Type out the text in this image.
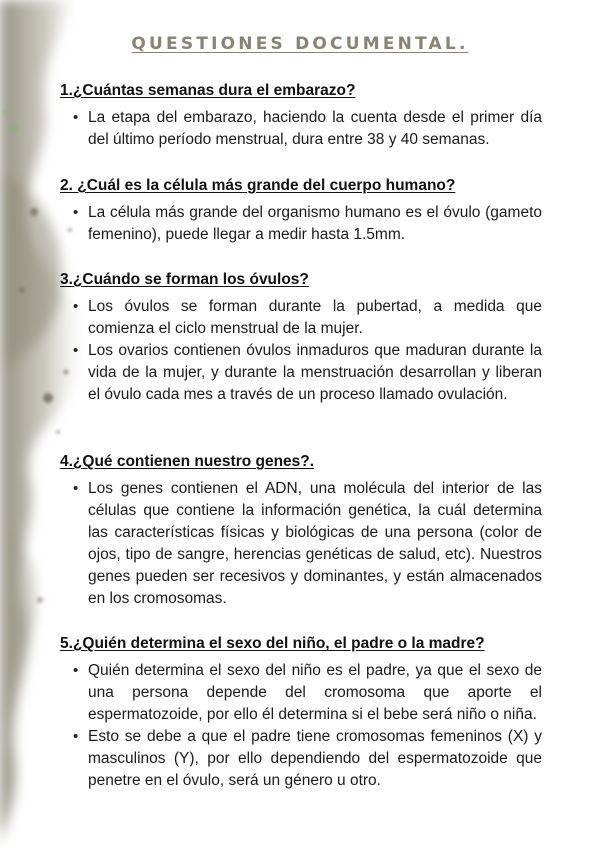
QUESTIONES DOCUMENTAL.
1.¿Cuántas semanas dura el embarazo?
• La etapa del embarazo, haciendo la cuenta desde el primer día del último período menstrual, dura entre 38 y 40 semanas.
2. ¿Cuál es la célula más grande del cuerpo humano?
• La célula más grande del organismo humano es el óvulo (gameto femenino), puede llegar a medir hasta 1.5mm.
3.¿Cuándo se forman los óvulos?
• Los óvulos se forman durante la pubertad, a medida que comienza el ciclo menstrual de la mujer.
• Los ovarios contienen óvulos inmaduros que maduran durante la vida de la mujer, y durante la menstruación desarrollan y liberan el óvulo cada mes a través de un proceso llamado ovulación.
4.¿Qué contienen nuestro genes?.
• Los genes contienen el ADN, una molécula del interior de las células que contiene la información genética, la cuál determina las características físicas y biológicas de una persona (color de ojos, tipo de sangre, herencias genéticas de salud, etc). Nuestros genes pueden ser recesivos y dominantes, y están almacenados en los cromosomas.
5.¿Quién determina el sexo del niño, el padre o la madre?
• Quién determina el sexo del niño es el padre, ya que el sexo de una persona depende del cromosoma que aporte el espermatozoide, por ello él determina si el bebe será niño o niña.
• Esto se debe a que el padre tiene cromosomas femeninos (X) y masculinos (Y), por ello dependiendo del espermatozoide que penetre en el óvulo, será un género u otro.
